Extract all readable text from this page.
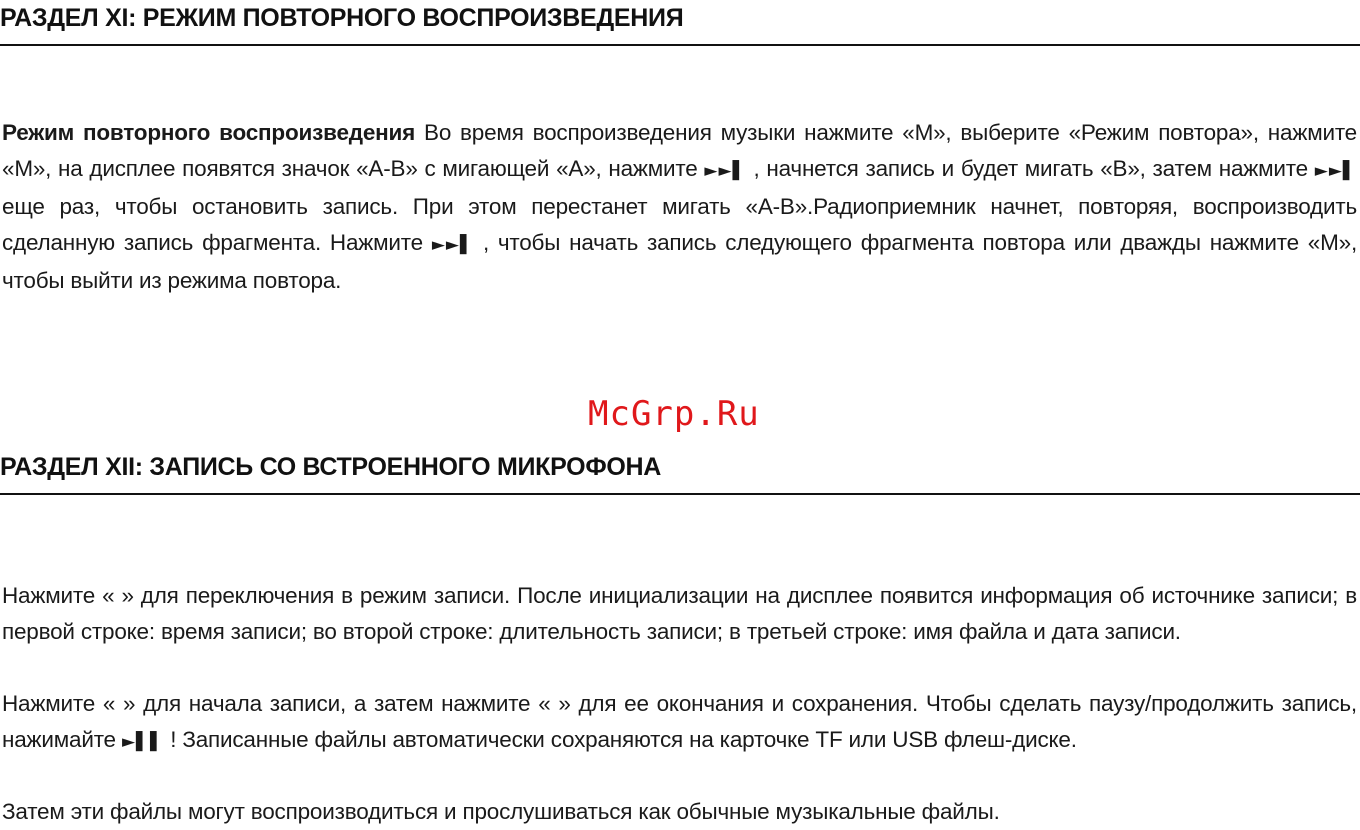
РАЗДЕЛ XI: РЕЖИМ ПОВТОРНОГО ВОСПРОИЗВЕДЕНИЯ

Режим повторного воспроизведения Во время воспроизведения музыки нажмите «М», выберите «Режим повтора», нажмите «М», на дисплее появятся значок «А-В» с мигающей «А», нажмите ►►▌ , начнется запись и будет мигать «В», затем нажмите ►►▌ еще раз, чтобы остановить запись. При этом перестанет мигать «А-В».Радиоприемник начнет, повторяя, воспроизводить сделанную запись фрагмента. Нажмите ►►▌ , чтобы начать запись следующего фрагмента повтора или дважды нажмите «М», чтобы выйти из режима повтора.

McGrp.Ru
РАЗДЕЛ XII: ЗАПИСЬ СО ВСТРОЕННОГО МИКРОФОНА

Нажмите « » для переключения в режим записи. После инициализации на дисплее появится информация об источнике записи; в первой строке: время записи; во второй строке: длительность записи; в третьей строке: имя файла и дата записи.

Нажмите « » для начала записи, а затем нажмите « » для ее окончания и сохранения. Чтобы сделать паузу/продолжить запись, нажимайте ►▌▌ ! Записанные файлы автоматически сохраняются на карточке TF или USB флеш-диске.

Затем эти файлы могут воспроизводиться и прослушиваться как обычные музыкальные файлы.
